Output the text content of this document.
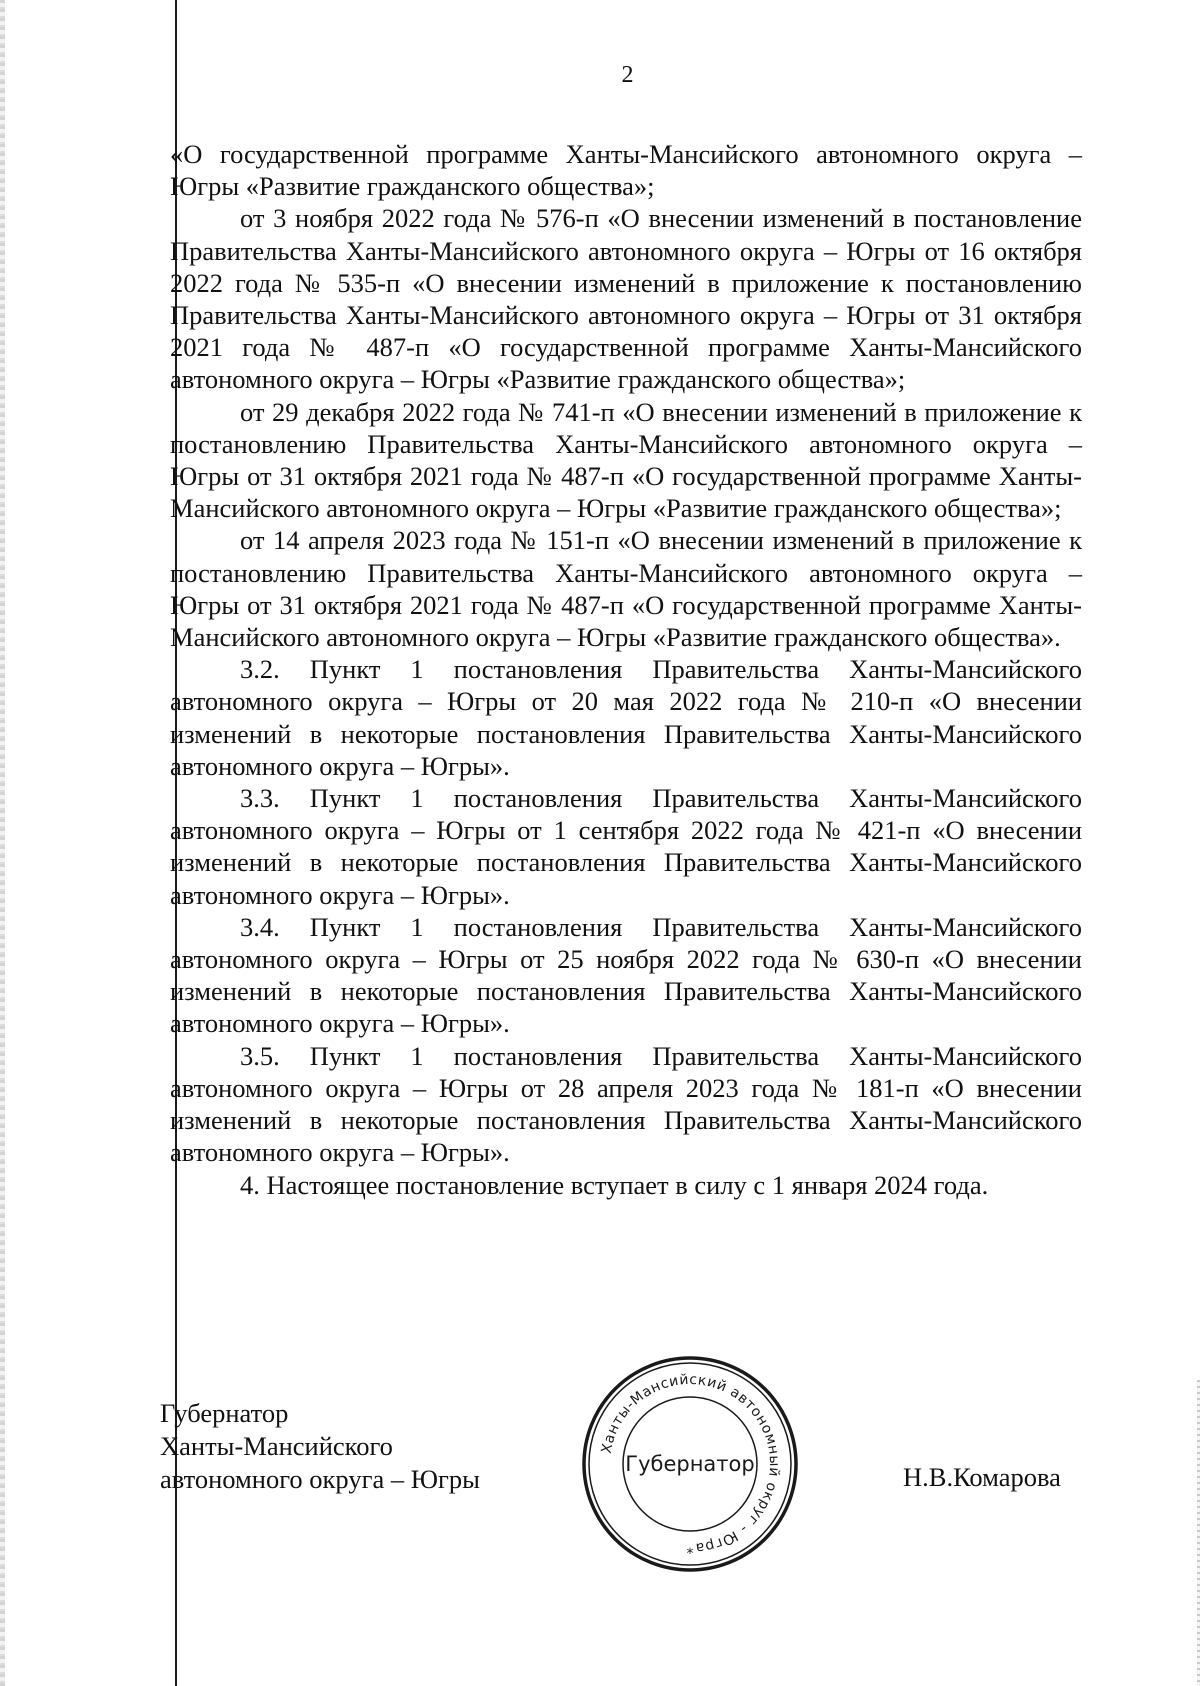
2

«О государственной программе Ханты-Мансийского автономного округа – Югры «Развитие гражданского общества»;

от 3 ноября 2022 года № 576-п «О внесении изменений в постановление Правительства Ханты-Мансийского автономного округа – Югры от 16 октября 2022 года № 535-п «О внесении изменений в приложение к постановлению Правительства Ханты-Мансийского автономного округа – Югры от 31 октября 2021 года № 487-п «О государственной программе Ханты-Мансийского автономного округа – Югры «Развитие гражданского общества»;

от 29 декабря 2022 года № 741-п «О внесении изменений в приложение к постановлению Правительства Ханты-Мансийского автономного округа – Югры от 31 октября 2021 года № 487-п «О государственной программе Ханты-Мансийского автономного округа – Югры «Развитие гражданского общества»;

от 14 апреля 2023 года № 151-п «О внесении изменений в приложение к постановлению Правительства Ханты-Мансийского автономного округа – Югры от 31 октября 2021 года № 487-п «О государственной программе Ханты-Мансийского автономного округа – Югры «Развитие гражданского общества».

3.2. Пункт 1 постановления Правительства Ханты-Мансийского автономного округа – Югры от 20 мая 2022 года № 210-п «О внесении изменений в некоторые постановления Правительства Ханты-Мансийского автономного округа – Югры».

3.3. Пункт 1 постановления Правительства Ханты-Мансийского автономного округа – Югры от 1 сентября 2022 года № 421-п «О внесении изменений в некоторые постановления Правительства Ханты-Мансийского автономного округа – Югры».

3.4. Пункт 1 постановления Правительства Ханты-Мансийского автономного округа – Югры от 25 ноября 2022 года № 630-п «О внесении изменений в некоторые постановления Правительства Ханты-Мансийского автономного округа – Югры».

3.5. Пункт 1 постановления Правительства Ханты-Мансийского автономного округа – Югры от 28 апреля 2023 года № 181-п «О внесении изменений в некоторые постановления Правительства Ханты-Мансийского автономного округа – Югры».

4. Настоящее постановление вступает в силу с 1 января 2024 года.

Губернатор
Ханты-Мансийского
автономного округа – Югры	Н.В.Комарова
Ханты-Мансийский автономный округ - Югра
Губернатор
*
